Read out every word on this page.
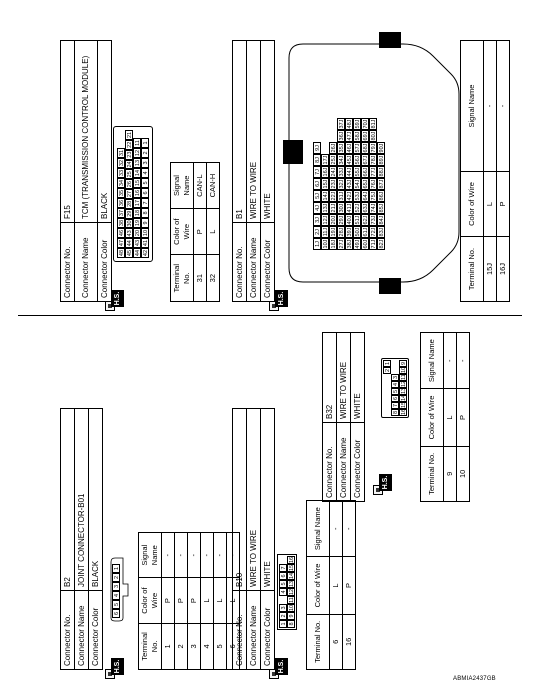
Connector No.	F15
Connector Name	TCM (TRANSMISSION CONTROL MODULE)
Connector Color	BLACK
H.S.
48
47
46
38
37
36
35
34
33
32
31
45
44
43
30
29
28
27
26
25
24
23
22
21
44
43
20
19
18
17
16
15
14
13
12
11
42
41
10
9
8
7
6
5
4
3
2
1
Terminal No.	Color of Wire	Signal Name
31	P	CAN-L
32	L	CAN-H
Connector No.	B1
Connector Name	WIRE TO WIRE
Connector Color	WHITE
H.S.
1J
2J
3J
4J
5J
6J
7J
8J
9J
10J
11J
12J
13J
14J
15J
16J
17J
18J
19J
20J
21J
22J
23J
24J
25J
26J
27J
28J
29J
30J
31J
32J
33J
34J
35J
36J
37J
38J
39J
40J
41J
42J
43J
44J
45J
46J
47J
48J
49J
50J
51J
52J
53J
54J
55J
56J
57J
58J
59J
60J
61J
62J
63J
64J
65J
66J
67J
68J
69J
70J
71J
72J
73J
74J
75J
76J
77J
78J
79J
80J
81J
82J
83J
84J
85J
86J
87J
88J
89J
90J
Terminal No.	Color of Wire	Signal Name
15J	L	-
16J	P	-
Connector No.	B2
Connector Name	JOINT CONNECTOR-B01
Connector Color	BLACK
H.S.
6
5
4
3
2
1
Terminal No.	Color of Wire	Signal Name
1	P	-
2	P	-
3	P	-
4	L	-
5	L	-
6	L	-
Connector No.	B10
Connector Name	WIRE TO WIRE
Connector Color	WHITE
H.S.
1
2
3
4
5
6
7
8
9
10
11
12
13
14
15
16
Terminal No.	Color of Wire	Signal Name
6	L	-
16	P	-
Connector No.	B32
Connector Name	WIRE TO WIRE
Connector Color	WHITE
H.S.
2
1
8
7
6
5
4
3
16
15
14
13
12
11
10
9
Terminal No.	Color of Wire	Signal Name
9	L	-
10	P	-
ABMIA2437GB
